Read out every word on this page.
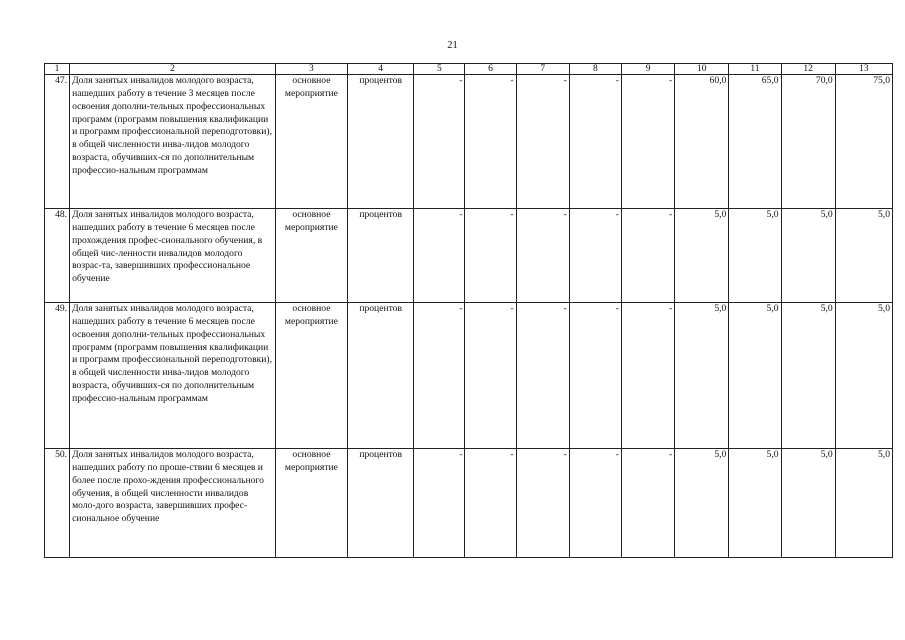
21
1	2	3	4	5	6	7	8	9	10	11	12	13
47.	Доля занятых инвалидов молодого возраста, нашедших работу в течение 3 месяцев после освоения дополни-тельных профессиональных программ (программ повышения квалификации и программ профессиональной переподготовки), в общей численности инва-лидов молодого возраста, обучивших-ся по дополнительным профессио-нальным программам	основное мероприятие	процентов	-	-	-	-	-	60,0	65,0	70,0	75,0
48.	Доля занятых инвалидов молодого возраста, нашедших работу в течение 6 месяцев после прохождения профес-сионального обучения, в общей чис-ленности инвалидов молодого возрас-та, завершивших профессиональное обучение	основное мероприятие	процентов	-	-	-	-	-	5,0	5,0	5,0	5,0
49.	Доля занятых инвалидов молодого возраста, нашедших работу в течение 6 месяцев после освоения дополни-тельных профессиональных программ (программ повышения квалификации и программ профессиональной переподготовки), в общей численности инва-лидов молодого возраста, обучивших-ся по дополнительным профессио-нальным программам	основное мероприятие	процентов	-	-	-	-	-	5,0	5,0	5,0	5,0
50.	Доля занятых инвалидов молодого возраста, нашедших работу по проше-ствии 6 месяцев и более после прохо-ждения профессионального обучения, в общей численности инвалидов моло-дого возраста, завершивших профес-сиональное обучение	основное мероприятие	процентов	-	-	-	-	-	5,0	5,0	5,0	5,0
